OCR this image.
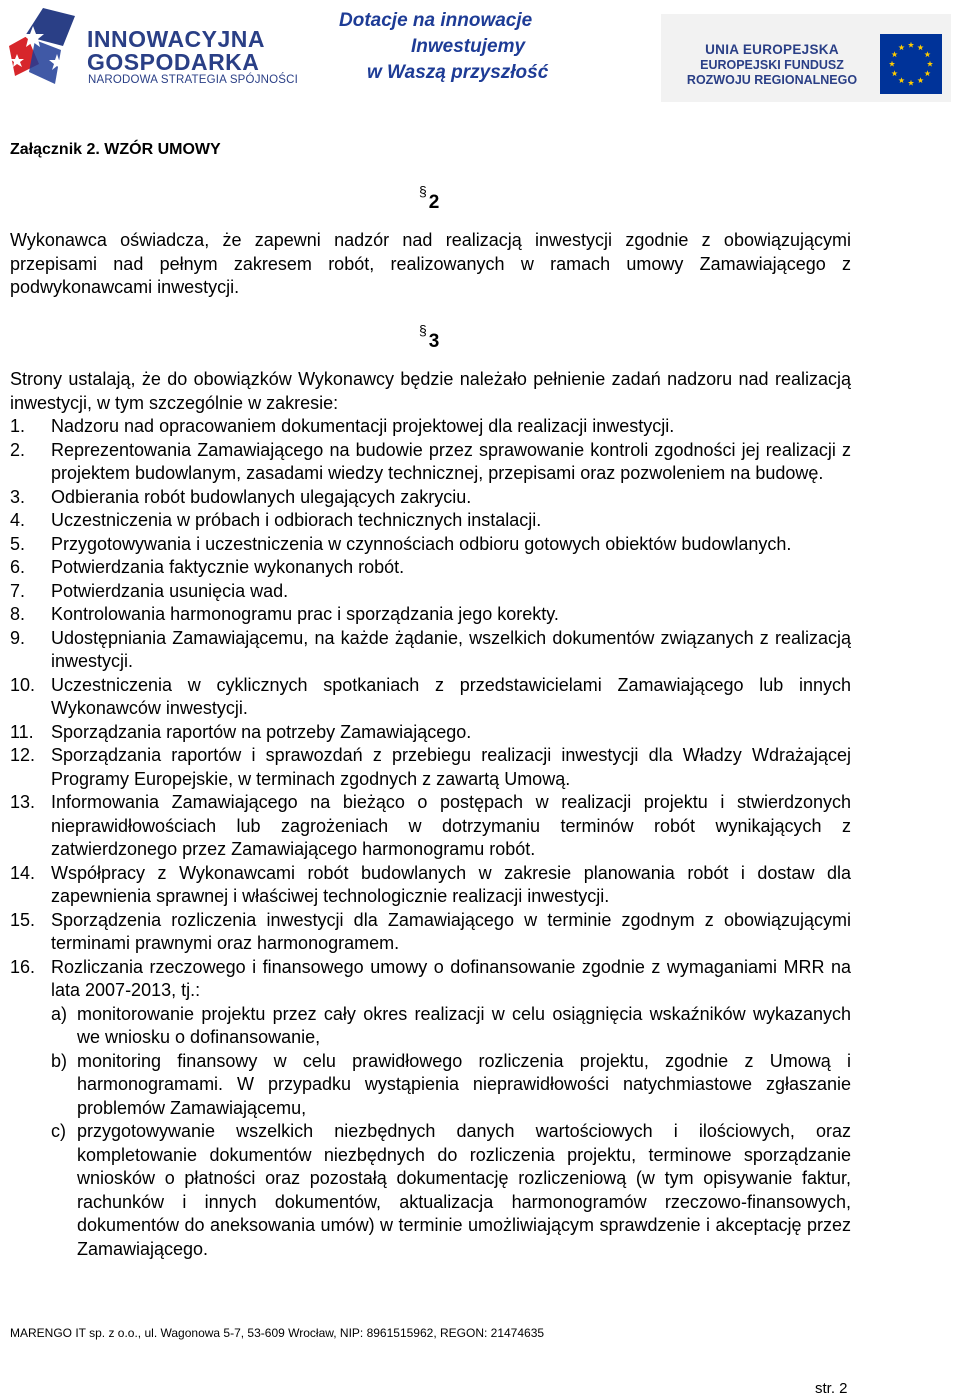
INNOWACYJNA
GOSPODARKA
NARODOWA STRATEGIA SPÓJNOŚCI
Dotacje na innowacje
Inwestujemy
w Waszą przyszłość
UNIA EUROPEJSKA
EUROPEJSKI FUNDUSZ
ROZWOJU REGIONALNEGO
Załącznik 2. WZÓR UMOWY
§2
Wykonawca oświadcza, że zapewni nadzór nad realizacją inwestycji zgodnie z obowiązującymi przepisami nad pełnym zakresem robót, realizowanych w ramach umowy Zamawiającego z podwykonawcami inwestycji.
§3
Strony ustalają, że do obowiązków Wykonawcy będzie należało pełnienie zadań nadzoru nad realizacją inwestycji, w tym szczególnie w zakresie:
1.	Nadzoru nad opracowaniem dokumentacji projektowej dla realizacji inwestycji.
2.	Reprezentowania Zamawiającego na budowie przez sprawowanie kontroli zgodności jej realizacji z projektem budowlanym, zasadami wiedzy technicznej, przepisami oraz pozwoleniem na budowę.
3.	Odbierania robót budowlanych ulegających zakryciu.
4.	Uczestniczenia w próbach i odbiorach technicznych instalacji.
5.	Przygotowywania i uczestniczenia w czynnościach odbioru gotowych obiektów budowlanych.
6.	Potwierdzania faktycznie wykonanych robót.
7.	Potwierdzania usunięcia wad.
8.	Kontrolowania harmonogramu prac i sporządzania jego korekty.
9.	Udostępniania Zamawiającemu, na każde żądanie, wszelkich dokumentów związanych z realizacją inwestycji.
10. Uczestniczenia w cyklicznych spotkaniach z przedstawicielami Zamawiającego lub innych Wykonawców inwestycji.
11. Sporządzania raportów na potrzeby Zamawiającego.
12. Sporządzania raportów i sprawozdań z przebiegu realizacji inwestycji dla Władzy Wdrażającej Programy Europejskie, w terminach zgodnych z zawartą Umową.
13. Informowania Zamawiającego na bieżąco o postępach w realizacji projektu i stwierdzonych nieprawidłowościach lub zagrożeniach w dotrzymaniu terminów robót wynikających z zatwierdzonego przez Zamawiającego harmonogramu robót.
14. Współpracy z Wykonawcami robót budowlanych w zakresie planowania robót i dostaw dla zapewnienia sprawnej i właściwej technologicznie realizacji inwestycji.
15. Sporządzenia rozliczenia inwestycji dla Zamawiającego w terminie zgodnym z obowiązującymi terminami prawnymi oraz harmonogramem.
16. Rozliczania rzeczowego i finansowego umowy o dofinansowanie zgodnie z wymaganiami MRR na lata 2007-2013, tj.:
a) monitorowanie projektu przez cały okres realizacji w celu osiągnięcia wskaźników wykazanych we wniosku o dofinansowanie,
b) monitoring finansowy w celu prawidłowego rozliczenia projektu, zgodnie z Umową i harmonogramami. W przypadku wystąpienia nieprawidłowości natychmiastowe zgłaszanie problemów Zamawiającemu,
c) przygotowywanie wszelkich niezbędnych danych wartościowych i ilościowych, oraz kompletowanie dokumentów niezbędnych do rozliczenia projektu, terminowe sporządzanie wniosków o płatności oraz pozostałą dokumentację rozliczeniową (w tym opisywanie faktur, rachunków i innych dokumentów, aktualizacja harmonogramów rzeczowo-finansowych, dokumentów do aneksowania umów) w terminie umożliwiającym sprawdzenie i akceptację przez Zamawiającego.
MARENGO IT sp. z o.o., ul. Wagonowa 5-7, 53-609 Wrocław, NIP: 8961515962, REGON: 21474635
str. 2
